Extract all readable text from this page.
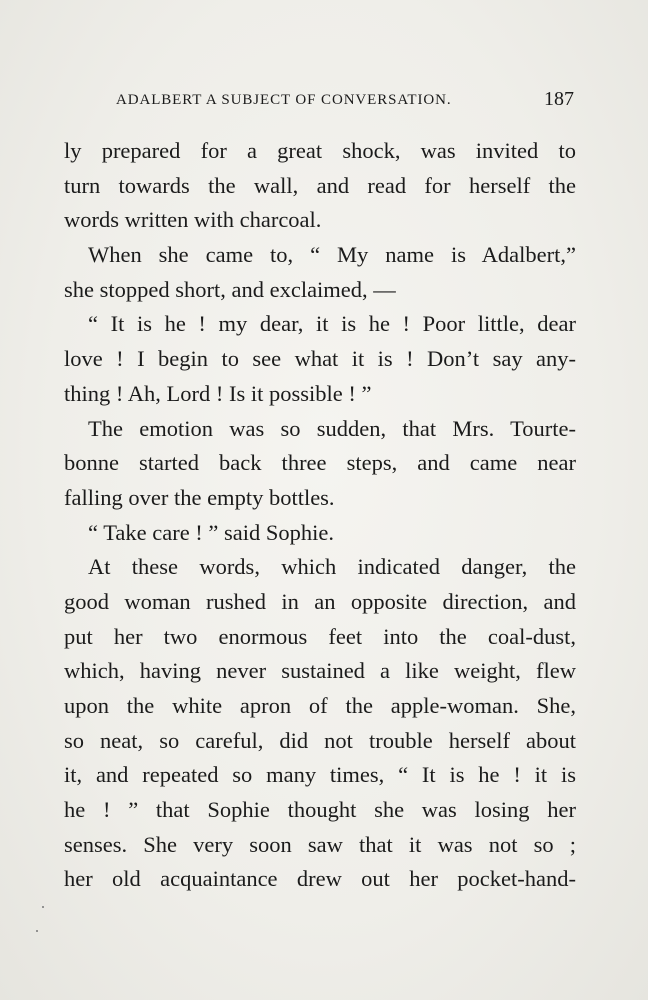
ADALBERT A SUBJECT OF CONVERSATION.	187
ly prepared for a great shock, was invited to
turn towards the wall, and read for herself the
words written with charcoal.
When she came to, “ My name is Adalbert,”
she stopped short, and exclaimed, —
“ It is he ! my dear, it is he ! Poor little, dear
love ! I begin to see what it is ! Don’t say any-
thing ! Ah, Lord ! Is it possible ! ”
The emotion was so sudden, that Mrs. Tourte-
bonne started back three steps, and came near
falling over the empty bottles.
“ Take care ! ” said Sophie.
At these words, which indicated danger, the
good woman rushed in an opposite direction, and
put her two enormous feet into the coal-dust,
which, having never sustained a like weight, flew
upon the white apron of the apple-woman. She,
so neat, so careful, did not trouble herself about
it, and repeated so many times, “ It is he ! it is
he ! ” that Sophie thought she was losing her
senses. She very soon saw that it was not so ;
her old acquaintance drew out her pocket-hand-
